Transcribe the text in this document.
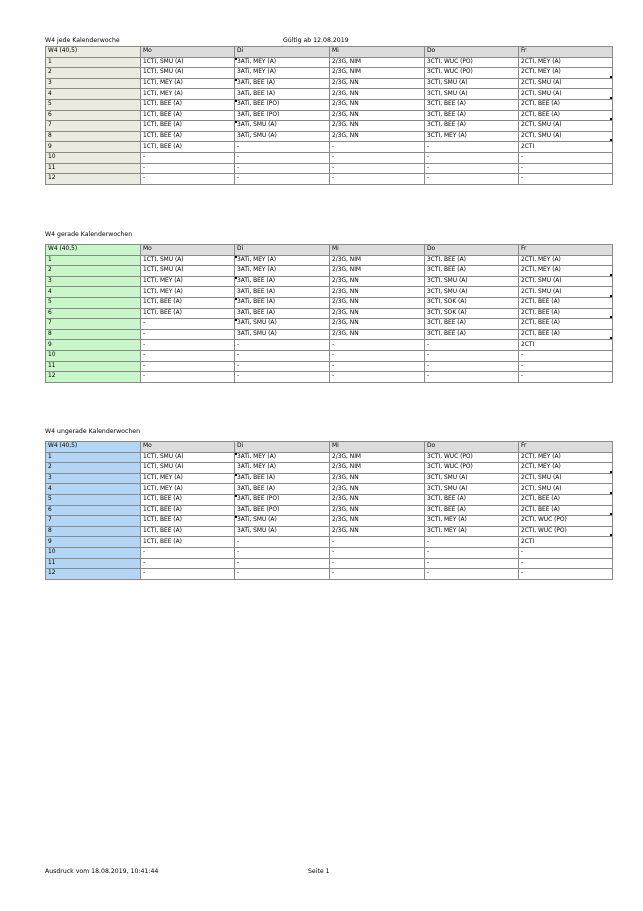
W4 jede Kalenderwoche	Gültig ab 12.08.2019
W4 (40,5)	Mo	Di	Mi	Do	Fr
1	1CTI, SMU (A)	3ATi, MEY (A)	2/3G, NIM	3CTI, WUC (PO)	2CTI, MEY (A)
2	1CTI, SMU (A)	3ATi, MEY (A)	2/3G, NIM	3CTI, WUC (PO)	2CTI, MEY (A)
3	1CTI, MEY (A)	3ATi, BEE (A)	2/3G, NN	3CTI, SMU (A)	2CTI, SMU (A)
4	1CTI, MEY (A)	3ATi, BEE (A)	2/3G, NN	3CTI, SMU (A)	2CTI, SMU (A)
5	1CTI, BEE (A)	3ATi, BEE (PO)	2/3G, NN	3CTI, BEE (A)	2CTI, BEE (A)
6	1CTI, BEE (A)	3ATi, BEE (PO)	2/3G, NN	3CTI, BEE (A)	2CTI, BEE (A)
7	1CTI, BEE (A)	3ATi, SMU (A)	2/3G, NN	3CTI, BEE (A)	2CTI, SMU (A)
8	1CTI, BEE (A)	3ATi, SMU (A)	2/3G, NN	3CTI, MEY (A)	2CTI, SMU (A)
9	1CTI, BEE (A)	-	-	-	2CTI
10	-	-	-	-	-
11	-	-	-	-	-
12	-	-	-	-	-
W4 gerade Kalenderwochen
W4 (40,5)	Mo	Di	Mi	Do	Fr
1	1CTI, SMU (A)	3ATi, MEY (A)	2/3G, NIM	3CTI, BEE (A)	2CTI, MEY (A)
2	1CTI, SMU (A)	3ATi, MEY (A)	2/3G, NIM	3CTI, BEE (A)	2CTI, MEY (A)
3	1CTI, MEY (A)	3ATi, BEE (A)	2/3G, NN	3CTI, SMU (A)	2CTI, SMU (A)
4	1CTI, MEY (A)	3ATi, BEE (A)	2/3G, NN	3CTI, SMU (A)	2CTI, SMU (A)
5	1CTI, BEE (A)	3ATi, BEE (A)	2/3G, NN	3CTI, SOK (A)	2CTI, BEE (A)
6	1CTI, BEE (A)	3ATi, BEE (A)	2/3G, NN	3CTI, SOK (A)	2CTI, BEE (A)
7	-	3ATi, SMU (A)	2/3G, NN	3CTI, BEE (A)	2CTI, BEE (A)
8	-	3ATi, SMU (A)	2/3G, NN	3CTI, BEE (A)	2CTI, BEE (A)
9	-	-	-	-	2CTI
10	-	-	-	-	-
11	-	-	-	-	-
12	-	-	-	-	-
W4 ungerade Kalenderwochen
W4 (40,5)	Mo	Di	Mi	Do	Fr
1	1CTI, SMU (A)	3ATi, MEY (A)	2/3G, NIM	3CTI, WUC (PO)	2CTI, MEY (A)
2	1CTI, SMU (A)	3ATi, MEY (A)	2/3G, NIM	3CTI, WUC (PO)	2CTI, MEY (A)
3	1CTI, MEY (A)	3ATi, BEE (A)	2/3G, NN	3CTI, SMU (A)	2CTI, SMU (A)
4	1CTI, MEY (A)	3ATi, BEE (A)	2/3G, NN	3CTI, SMU (A)	2CTI, SMU (A)
5	1CTI, BEE (A)	3ATi, BEE (PO)	2/3G, NN	3CTI, BEE (A)	2CTI, BEE (A)
6	1CTI, BEE (A)	3ATi, BEE (PO)	2/3G, NN	3CTI, BEE (A)	2CTI, BEE (A)
7	1CTI, BEE (A)	3ATi, SMU (A)	2/3G, NN	3CTI, MEY (A)	2CTI, WUC (PO)
8	1CTI, BEE (A)	3ATi, SMU (A)	2/3G, NN	3CTI, MEY (A)	2CTI, WUC (PO)
9	1CTI, BEE (A)	-	-	-	2CTI
10	-	-	-	-	-
11	-	-	-	-	-
12	-	-	-	-	-
Ausdruck vom 18.08.2019, 10:41:44	Seite 1
